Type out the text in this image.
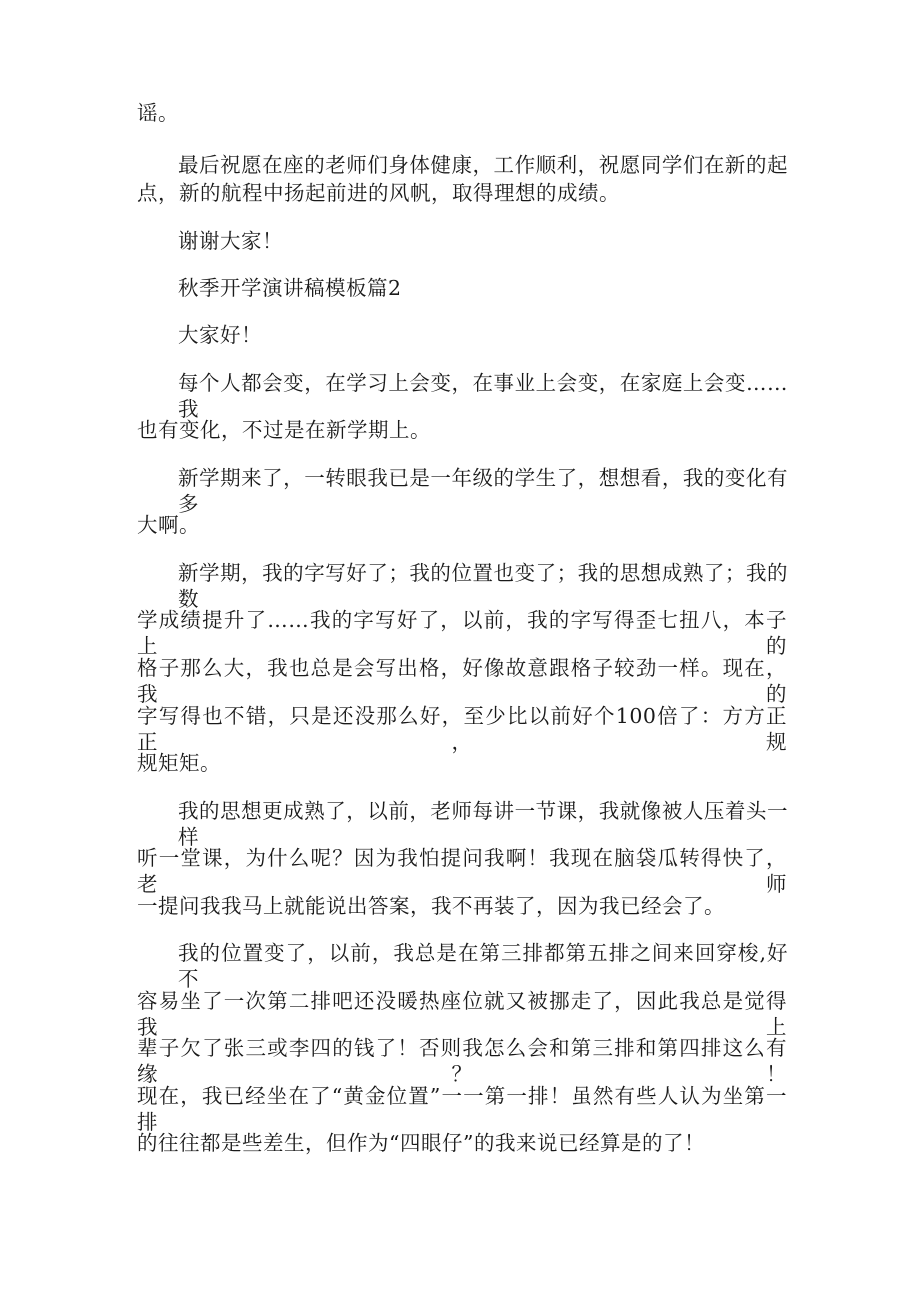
谣。
最后祝愿在座的老师们身体健康，工作顺利，祝愿同学们在新的起
点，新的航程中扬起前进的风帆，取得理想的成绩。
谢谢大家！
秋季开学演讲稿模板篇2
大家好！
每个人都会变，在学习上会变，在事业上会变，在家庭上会变……我
也有变化，不过是在新学期上。
新学期来了，一转眼我已是一年级的学生了，想想看，我的变化有多
大啊。
新学期，我的字写好了；我的位置也变了；我的思想成熟了；我的数
学成绩提升了……我的字写好了，以前，我的字写得歪七扭八，本子上的
格子那么大，我也总是会写出格，好像故意跟格子较劲一样。现在，我的
字写得也不错，只是还没那么好，至少比以前好个100倍了：方方正正，规
规矩矩。
我的思想更成熟了，以前，老师每讲一节课，我就像被人压着头一样
听一堂课，为什么呢？因为我怕提问我啊！我现在脑袋瓜转得快了，老师
一提问我我马上就能说出答案，我不再装了，因为我已经会了。
我的位置变了，以前，我总是在第三排都第五排之间来回穿梭,好不
容易坐了一次第二排吧还没暖热座位就又被挪走了，因此我总是觉得我上
辈子欠了张三或李四的钱了！否则我怎么会和第三排和第四排这么有缘？！
现在，我已经坐在了“黄金位置”一一第一排！虽然有些人认为坐第一排
的往往都是些差生，但作为“四眼仔”的我来说已经算是的了！
